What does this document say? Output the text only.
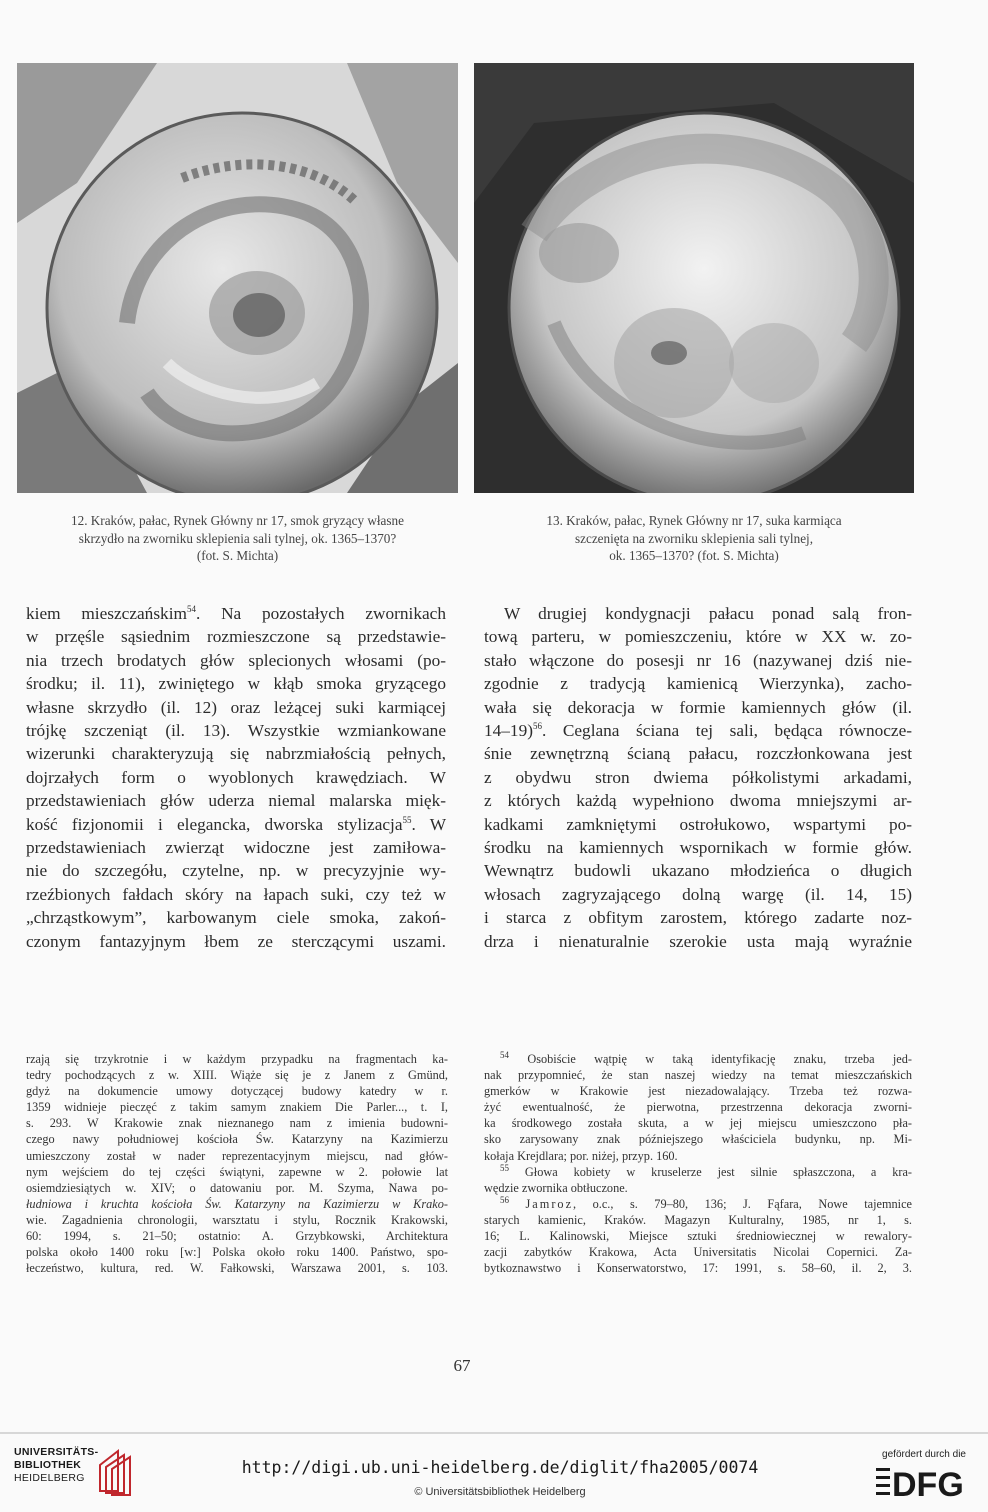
12. Kraków, pałac, Rynek Główny nr 17, smok gryzący własne
skrzydło na zworniku sklepienia sali tylnej, ok. 1365–1370?
(fot. S. Michta)
13. Kraków, pałac, Rynek Główny nr 17, suka karmiąca
szczenięta na zworniku sklepienia sali tylnej,
ok. 1365–1370? (fot. S. Michta)
kiem mieszczańskim$^{54}$. Na pozostałych zwornikach
w przęśle sąsiednim rozmieszczone są przedstawie-
nia trzech brodatych głów splecionych włosami (po-
środku; il. 11), zwiniętego w kłąb smoka gryzącego
własne skrzydło (il. 12) oraz leżącej suki karmiącej
trójkę szczeniąt (il. 13). Wszystkie wzmiankowane
wizerunki charakteryzują się nabrzmiałością pełnych,
dojrzałych form o wyoblonych krawędziach. W
przedstawieniach głów uderza niemal malarska mięk-
kość fizjonomii i elegancka, dworska stylizacja$^{55}$. W
przedstawieniach zwierząt widoczne jest zamiłowa-
nie do szczegółu, czytelne, np. w precyzyjnie wy-
rzeźbionych fałdach skóry na łapach suki, czy też w
„chrząstkowym”, karbowanym ciele smoka, zakoń-
czonym fantazyjnym łbem ze sterczącymi uszami.
W drugiej kondygnacji pałacu ponad salą fron-
tową parteru, w pomieszczeniu, które w XX w. zo-
stało włączone do posesji nr 16 (nazywanej dziś nie-
zgodnie z tradycją kamienicą Wierzynka), zacho-
wała się dekoracja w formie kamiennych głów (il.
14–19)$^{56}$. Ceglana ściana tej sali, będąca równocze-
śnie zewnętrzną ścianą pałacu, rozczłonkowana jest
z obydwu stron dwiema półkolistymi arkadami,
z których każdą wypełniono dwoma mniejszymi ar-
kadkami zamkniętymi ostrołukowo, wspartymi po-
środku na kamiennych wspornikach w formie głów.
Wewnątrz budowli ukazano młodzieńca o długich
włosach zagryzającego dolną wargę (il. 14, 15)
i starca z obfitym zarostem, którego zadarte noz-
drza i nienaturalnie szerokie usta mają wyraźnie
rzają się trzykrotnie i w każdym przypadku na fragmentach ka-
tedry pochodzących z w. XIII. Wiąże się je z Janem z Gmünd,
gdyż na dokumencie umowy dotyczącej budowy katedry w r.
1359 widnieje pieczęć z takim samym znakiem Die Parler..., t. I,
s. 293. W Krakowie znak nieznanego nam z imienia budowni-
czego nawy południowej kościoła Św. Katarzyny na Kazimierzu
umieszczony został w nader reprezentacyjnym miejscu, nad głów-
nym wejściem do tej części świątyni, zapewne w 2. połowie lat
osiemdziesiątych w. XIV; o datowaniu por. M. Szyma, Nawa po-
łudniowa i kruchta kościoła Św. Katarzyny na Kazimierzu w Krako-
wie. Zagadnienia chronologii, warsztatu i stylu, Rocznik Krakowski,
60: 1994, s. 21–50; ostatnio: A. Grzybkowski, Architektura
polska około 1400 roku [w:] Polska około roku 1400. Państwo, spo-
łeczeństwo, kultura, red. W. Fałkowski, Warszawa 2001, s. 103.
$^{54}$ Osobiście wątpię w taką identyfikację znaku, trzeba jed-
nak przypomnieć, że stan naszej wiedzy na temat mieszczańskich
gmerków w Krakowie jest niezadowalający. Trzeba też rozwa-
żyć ewentualność, że pierwotna, przestrzenna dekoracja zworni-
ka środkowego została skuta, a w jej miejscu umieszczono pła-
sko zarysowany znak późniejszego właściciela budynku, np. Mi-
kołaja Krejdlara; por. niżej, przyp. 160.
$^{55}$ Głowa kobiety w kruselerze jest silnie spłaszczona, a kra-
wędzie zwornika obtłuczone.
$^{56}$ Jamroz, o.c., s. 79–80, 136; J. Fąfara, Nowe tajemnice
starych kamienic, Kraków. Magazyn Kulturalny, 1985, nr 1, s.
16; L. Kalinowski, Miejsce sztuki średniowiecznej w rewalory-
zacji zabytków Krakowa, Acta Universitatis Nicolai Copernici. Za-
bytkoznawstwo i Konserwatorstwo, 17: 1991, s. 58–60, il. 2, 3.
67
UNIVERSITÄTS-
BIBLIOTHEK
HEIDELBERG
http://digi.ub.uni-heidelberg.de/diglit/fha2005/0074
© Universitätsbibliothek Heidelberg
gefördert durch die
DFG
